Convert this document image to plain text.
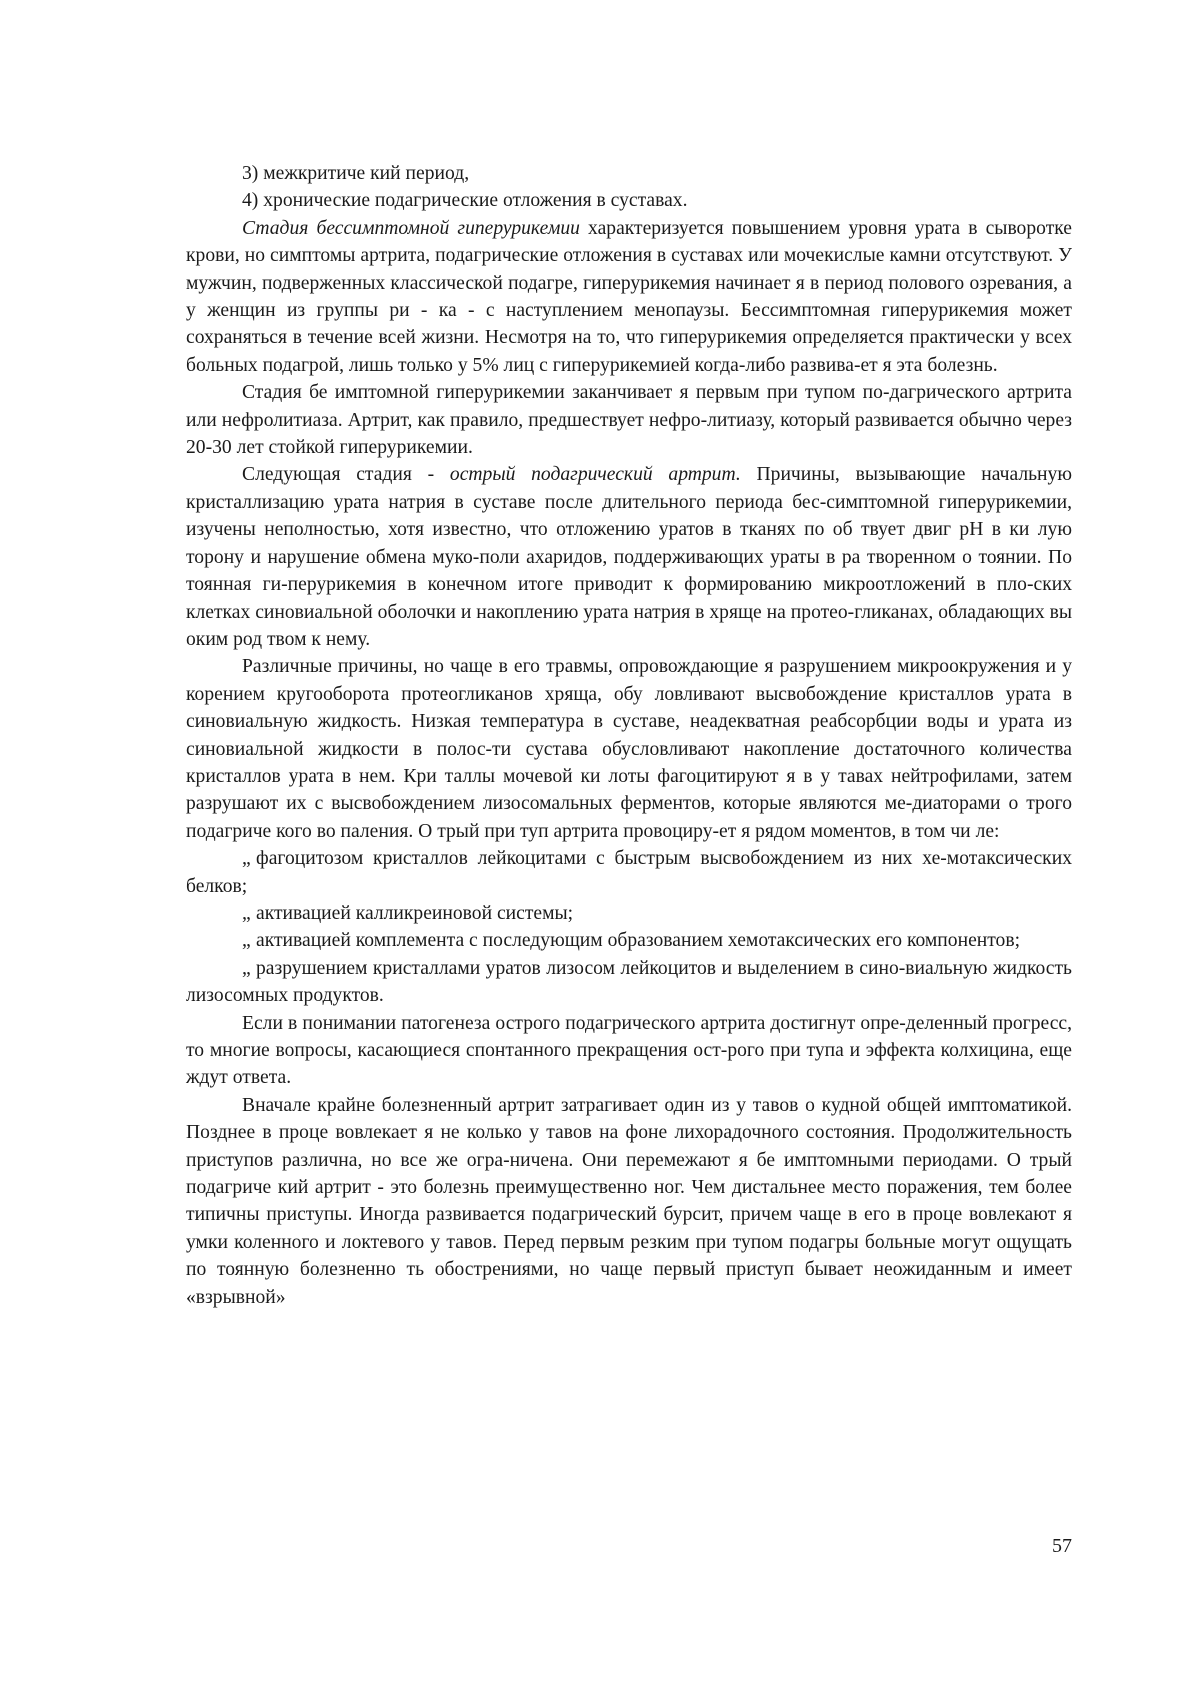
3) межкритиче кий период,

4) хронические подагрические отложения в суставах.

Стадия бессимптомной гиперурикемии характеризуется повышением уровня урата в сыворотке крови, но симптомы артрита, подагрические отложения в суставах или мочекислые камни отсутствуют. У мужчин, подверженных классической подагре, гиперурикемия начинает я в период полового озревания, а у женщин из группы ри - ка - с наступлением менопаузы. Бессимптомная гиперурикемия может сохраняться в течение всей жизни. Несмотря на то, что гиперурикемия определяется практически у всех больных подагрой, лишь только у 5% лиц с гиперурикемией когда-либо развива-ет я эта болезнь.

Стадия бе имптомной гиперурикемии заканчивает я первым при тупом по-дагрического артрита или нефролитиаза. Артрит, как правило, предшествует нефро-литиазу, который развивается обычно через 20-30 лет стойкой гиперурикемии.

Следующая стадия - острый подагрический артрит. Причины, вызывающие начальную кристаллизацию урата натрия в суставе после длительного периода бес-симптомной гиперурикемии, изучены неполностью, хотя известно, что отложению уратов в тканях по об твует двиг рН в ки лую торону и нарушение обмена муко-поли ахаридов, поддерживающих ураты в ра творенном о тоянии. По тоянная ги-перурикемия в конечном итоге приводит к формированию микроотложений в пло-ских клетках синовиальной оболочки и накоплению урата натрия в хряще на протео-гликанах, обладающих вы оким род твом к нему.

Различные причины, но чаще в его травмы, опровождающие я разрушением микроокружения и у корением кругооборота протеогликанов хряща, обу ловливают высвобождение кристаллов урата в синовиальную жидкость. Низкая температура в суставе, неадекватная реабсорбции воды и урата из синовиальной жидкости в полос-ти сустава обусловливают накопление достаточного количества кристаллов урата в нем. Кри таллы мочевой ки лоты фагоцитируют я в у тавах нейтрофилами, затем разрушают их с высвобождением лизосомальных ферментов, которые являются ме-диаторами о трого подагриче кого во паления. О трый при туп артрита провоциру-ет я рядом моментов, в том чи ле:

„ фагоцитозом кристаллов лейкоцитами с быстрым высвобождением из них хе-мотаксических белков;

„ активацией калликреиновой системы;

„ активацией комплемента с последующим образованием хемотаксических его компонентов;

„ разрушением кристаллами уратов лизосом лейкоцитов и выделением в сино-виальную жидкость лизосомных продуктов.

Если в понимании патогенеза острого подагрического артрита достигнут опре-деленный прогресс, то многие вопросы, касающиеся спонтанного прекращения ост-рого при тупа и эффекта колхицина, еще ждут ответа.

Вначале крайне болезненный артрит затрагивает один из у тавов о кудной общей имптоматикой. Позднее в проце вовлекает я не колько у тавов на фоне лихорадочного состояния. Продолжительность приступов различна, но все же огра-ничена. Они перемежают я бе имптомными периодами. О трый подагриче кий артрит - это болезнь преимущественно ног. Чем дистальнее место поражения, тем более типичны приступы. Иногда развивается подагрический бурсит, причем чаще в его в проце вовлекают я умки коленного и локтевого у тавов. Перед первым резким при тупом подагры больные могут ощущать по тоянную болезненно ть обострениями, но чаще первый приступ бывает неожиданным и имеет «взрывной»

57
